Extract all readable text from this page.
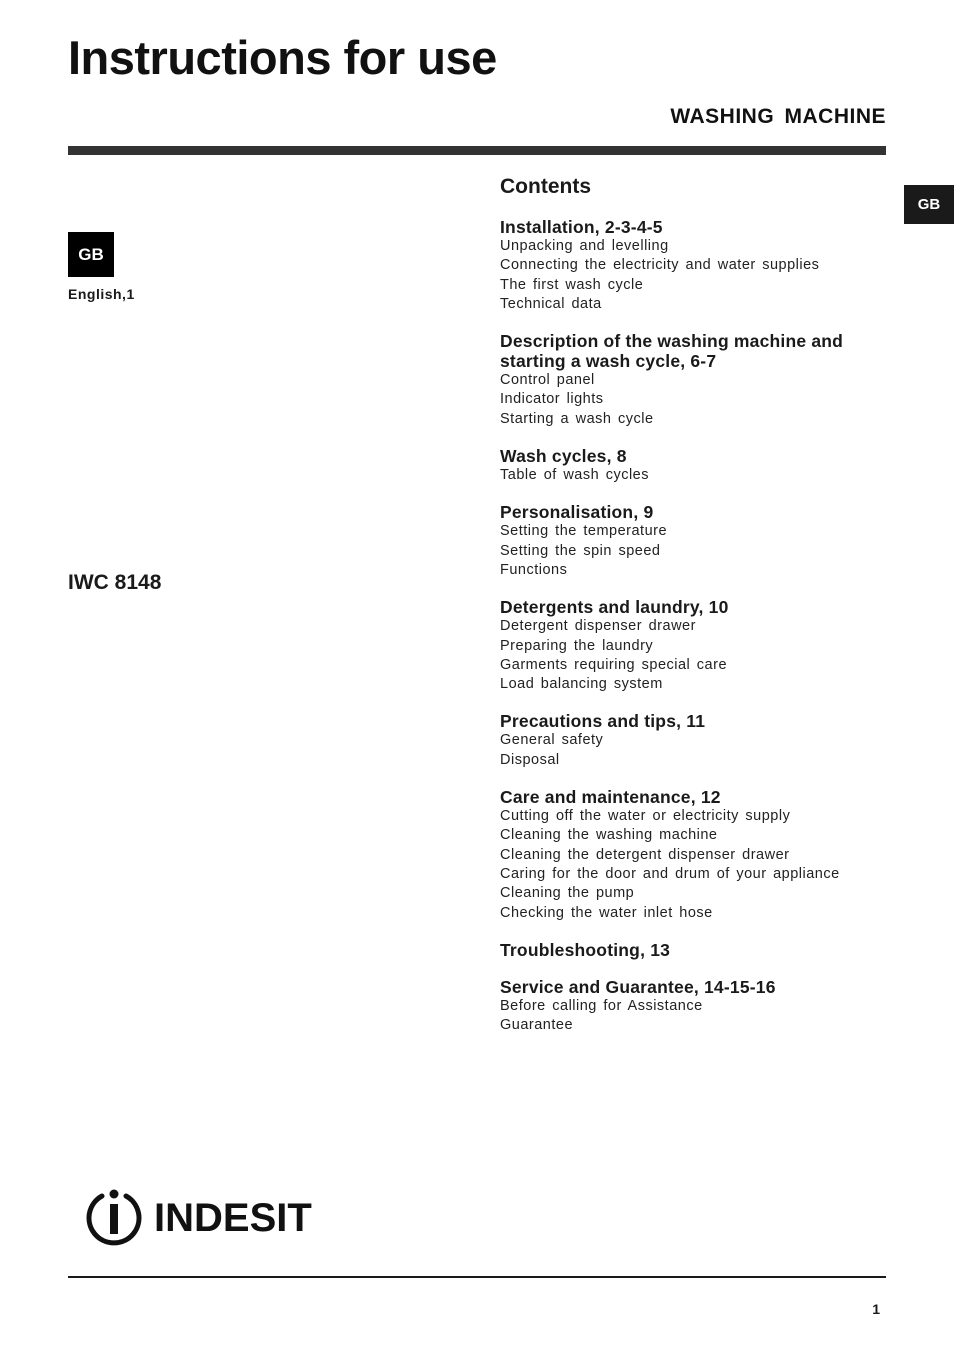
Instructions for use
WASHING MACHINE
GB
GB
English,1
IWC 8148
Contents
Installation, 2-3-4-5
Unpacking and levelling
Connecting the electricity and water supplies
The first wash cycle
Technical data
Description of the washing machine and starting a wash cycle, 6-7
Control panel
Indicator lights
Starting a wash cycle
Wash cycles, 8
Table of wash cycles
Personalisation, 9
Setting the temperature
Setting the spin speed
Functions
Detergents and laundry, 10
Detergent dispenser drawer
Preparing the laundry
Garments requiring special care
Load balancing system
Precautions and tips, 11
General safety
Disposal
Care and maintenance, 12
Cutting off the water or electricity supply
Cleaning the washing machine
Cleaning the detergent dispenser drawer
Caring for the door and drum of your appliance
Cleaning the pump
Checking the water inlet hose
Troubleshooting, 13
Service and Guarantee, 14-15-16
Before calling for Assistance
Guarantee
INDESIT
1
